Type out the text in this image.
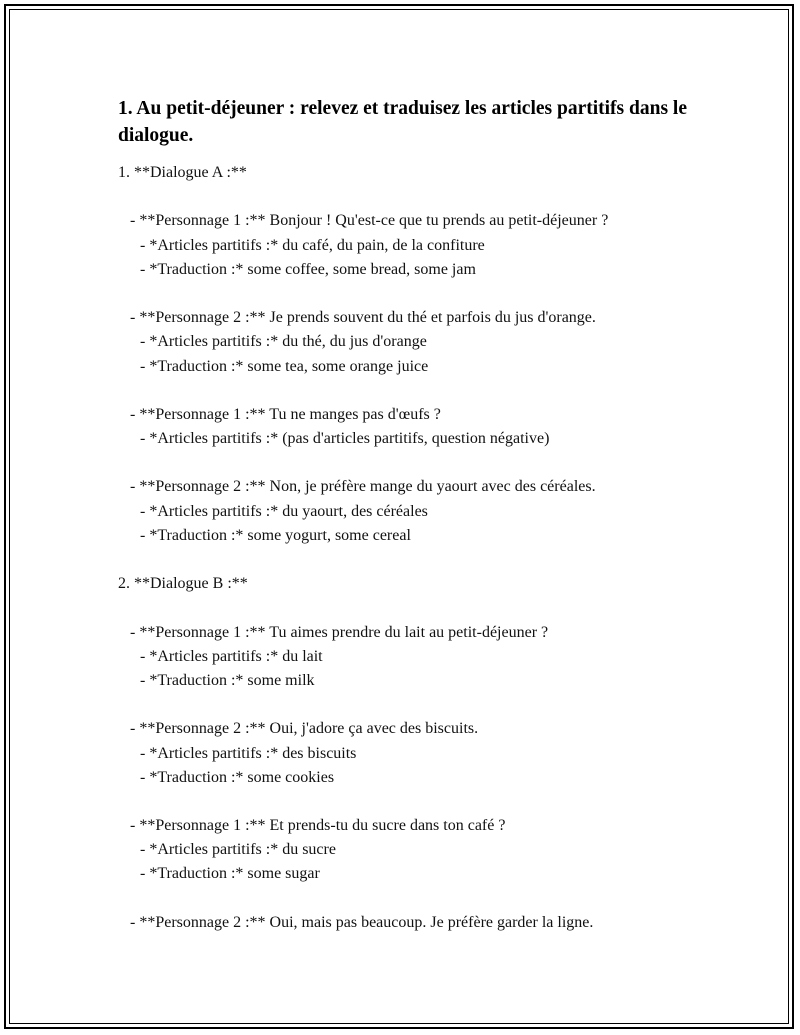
1. Au petit-déjeuner : relevez et traduisez les articles partitifs dans le dialogue.
1. **Dialogue A :**
- **Personnage 1 :** Bonjour ! Qu'est-ce que tu prends au petit-déjeuner ?
- *Articles partitifs :* du café, du pain, de la confiture
- *Traduction :* some coffee, some bread, some jam
- **Personnage 2 :** Je prends souvent du thé et parfois du jus d'orange.
- *Articles partitifs :* du thé, du jus d'orange
- *Traduction :* some tea, some orange juice
- **Personnage 1 :** Tu ne manges pas d'œufs ?
- *Articles partitifs :* (pas d'articles partitifs, question négative)
- **Personnage 2 :** Non, je préfère mange du yaourt avec des céréales.
- *Articles partitifs :* du yaourt, des céréales
- *Traduction :* some yogurt, some cereal
2. **Dialogue B :**
- **Personnage 1 :** Tu aimes prendre du lait au petit-déjeuner ?
- *Articles partitifs :* du lait
- *Traduction :* some milk
- **Personnage 2 :** Oui, j'adore ça avec des biscuits.
- *Articles partitifs :* des biscuits
- *Traduction :* some cookies
- **Personnage 1 :** Et prends-tu du sucre dans ton café ?
- *Articles partitifs :* du sucre
- *Traduction :* some sugar
- **Personnage 2 :** Oui, mais pas beaucoup. Je préfère garder la ligne.
